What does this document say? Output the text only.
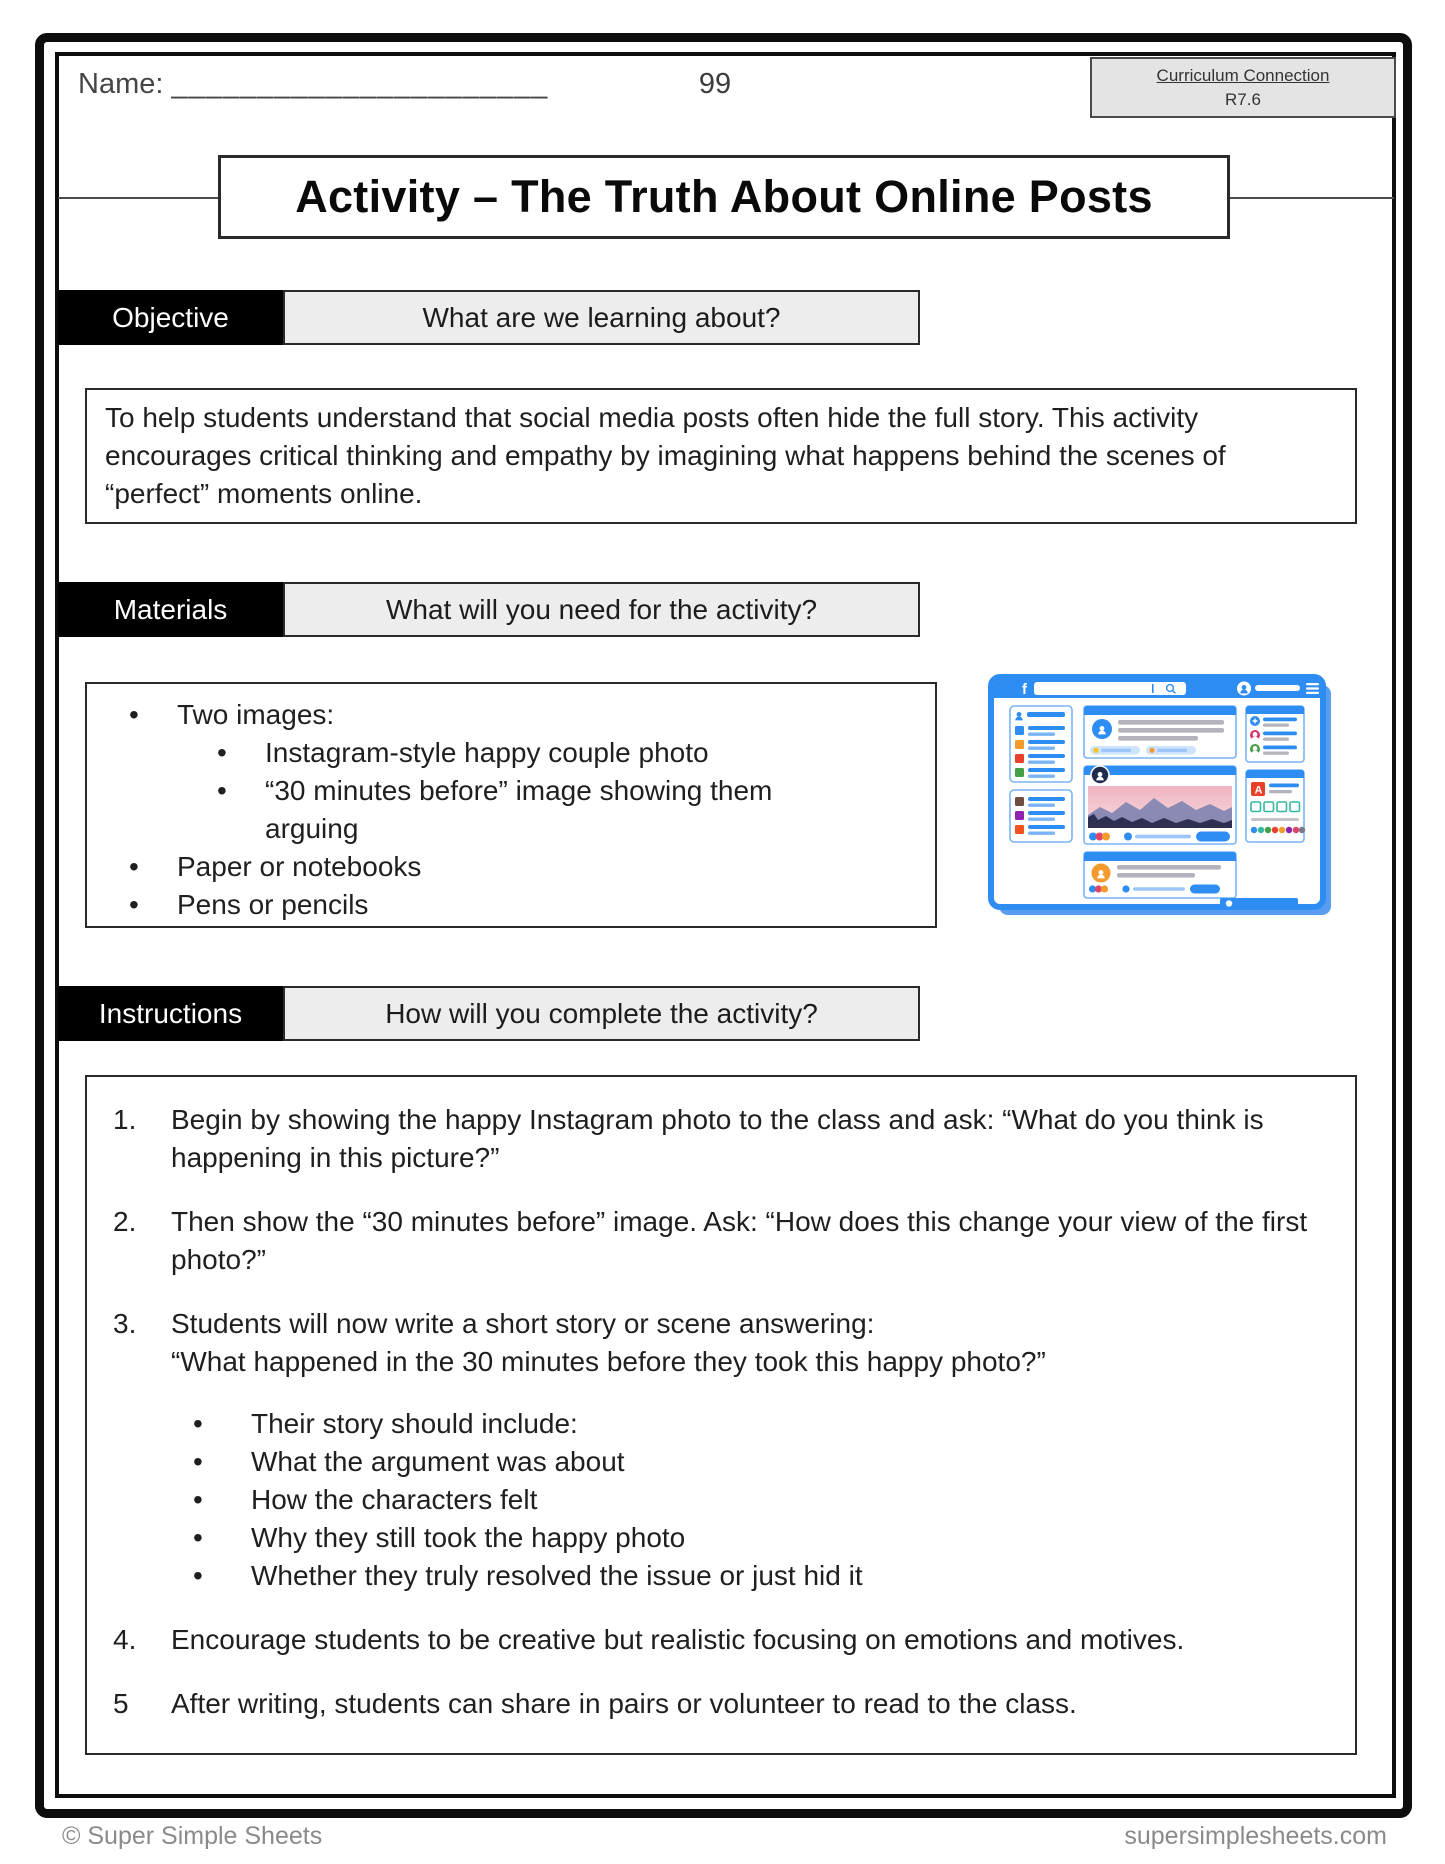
Name: ______________________	99	Curriculum Connection
R7.6
Activity – The Truth About Online Posts
Objective	What are we learning about?
To help students understand that social media posts often hide the full story. This activity encourages critical thinking and empathy by imagining what happens behind the scenes of “perfect” moments online.
Materials	What will you need for the activity?
•
Two images:
•
Instagram-style happy couple photo
•
“30 minutes before” image showing them arguing
•
Paper or notebooks
•
Pens or pencils
f
A
Instructions	How will you complete the activity?
1.	Begin by showing the happy Instagram photo to the class and ask: “What do you think is happening in this picture?”
2.	Then show the “30 minutes before” image. Ask: “How does this change your view of the first photo?”
3.	Students will now write a short story or scene answering:
“What happened in the 30 minutes before they took this happy photo?”
•
Their story should include:
•
What the argument was about
•
How the characters felt
•
Why they still took the happy photo
•
Whether they truly resolved the issue or just hid it
4.	Encourage students to be creative but realistic focusing on emotions and motives.
5	After writing, students can share in pairs or volunteer to read to the class.
© Super Simple Sheets	supersimplesheets.com
